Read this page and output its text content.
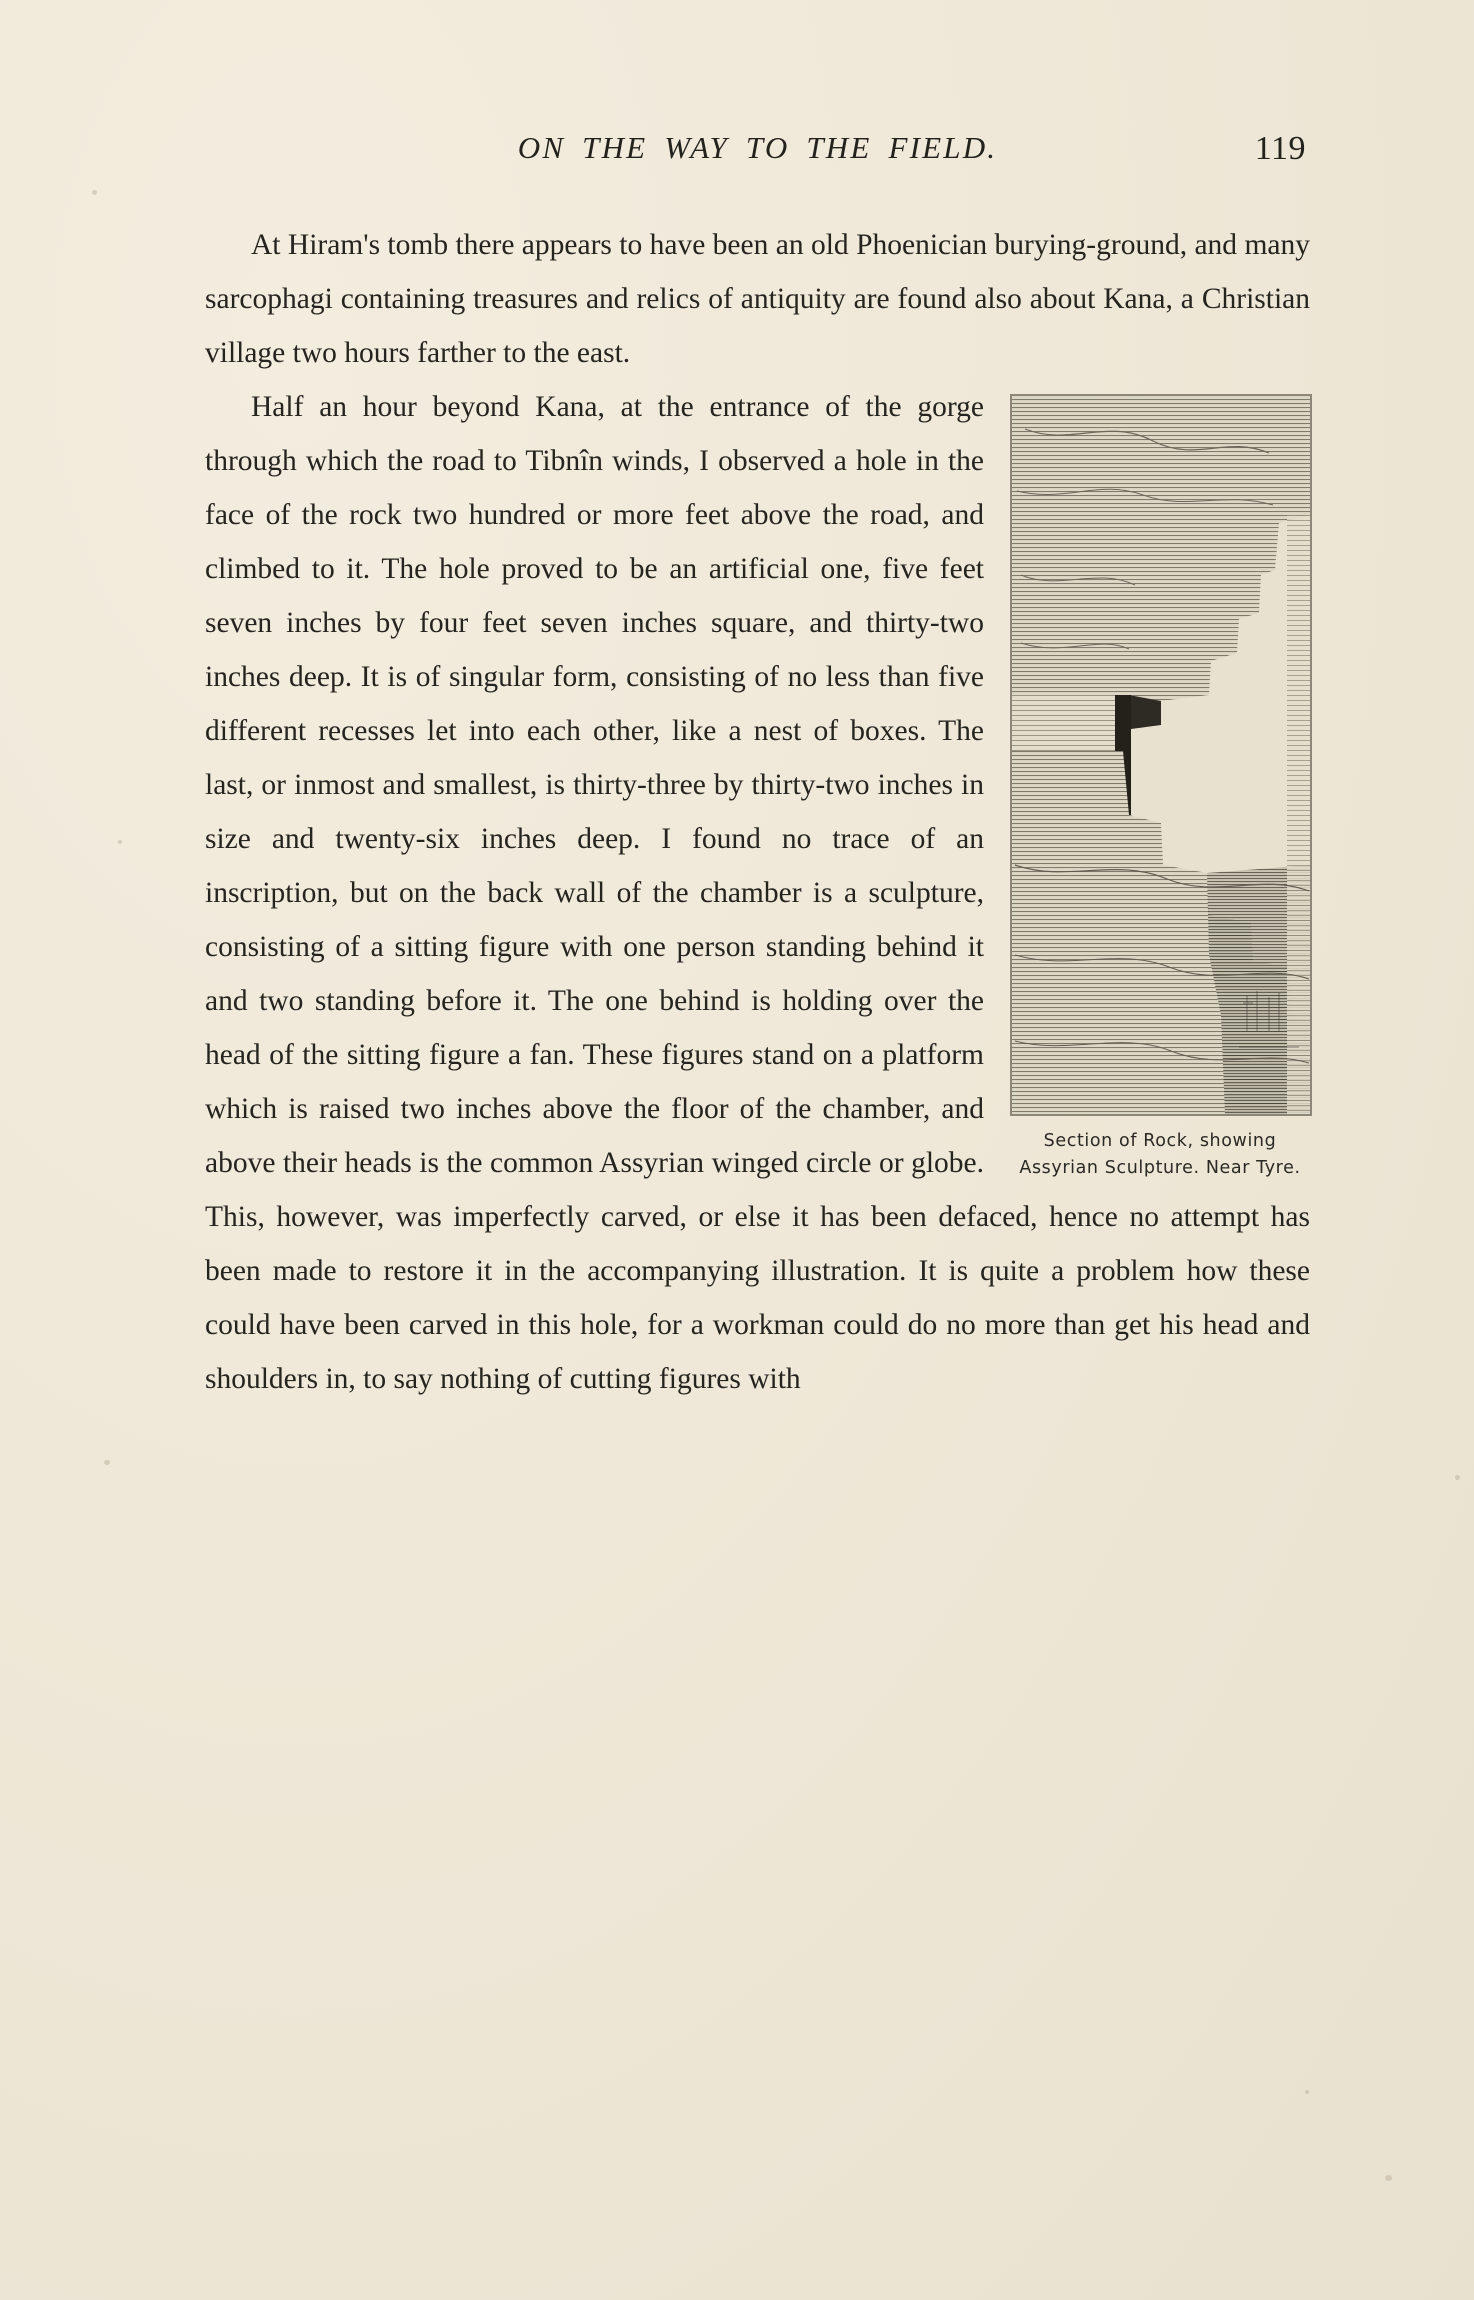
ON THE WAY TO THE FIELD.	119

At Hiram's tomb there appears to have been an old Phoenician burying-ground, and many sarcophagi containing treasures and relics of antiquity are found also about Kana, a Christian village two hours farther to the east.

Section of Rock, showing Assyrian Sculpture. Near Tyre.

Half an hour beyond Kana, at the entrance of the gorge through which the road to Tibnîn winds, I observed a hole in the face of the rock two hundred or more feet above the road, and climbed to it. The hole proved to be an artificial one, five feet seven inches by four feet seven inches square, and thirty-two inches deep. It is of singular form, consisting of no less than five different recesses let into each other, like a nest of boxes. The last, or inmost and smallest, is thirty-three by thirty-two inches in size and twenty-six inches deep. I found no trace of an inscription, but on the back wall of the chamber is a sculpture, consisting of a sitting figure with one person standing behind it and two standing before it. The one behind is holding over the head of the sitting figure a fan. These figures stand on a platform which is raised two inches above the floor of the chamber, and above their heads is the common Assyrian winged circle or globe. This, however, was imperfectly carved, or else it has been defaced, hence no attempt has been made to restore it in the accompanying illustration. It is quite a problem how these could have been carved in this hole, for a workman could do no more than get his head and shoulders in, to say nothing of cutting figures with
